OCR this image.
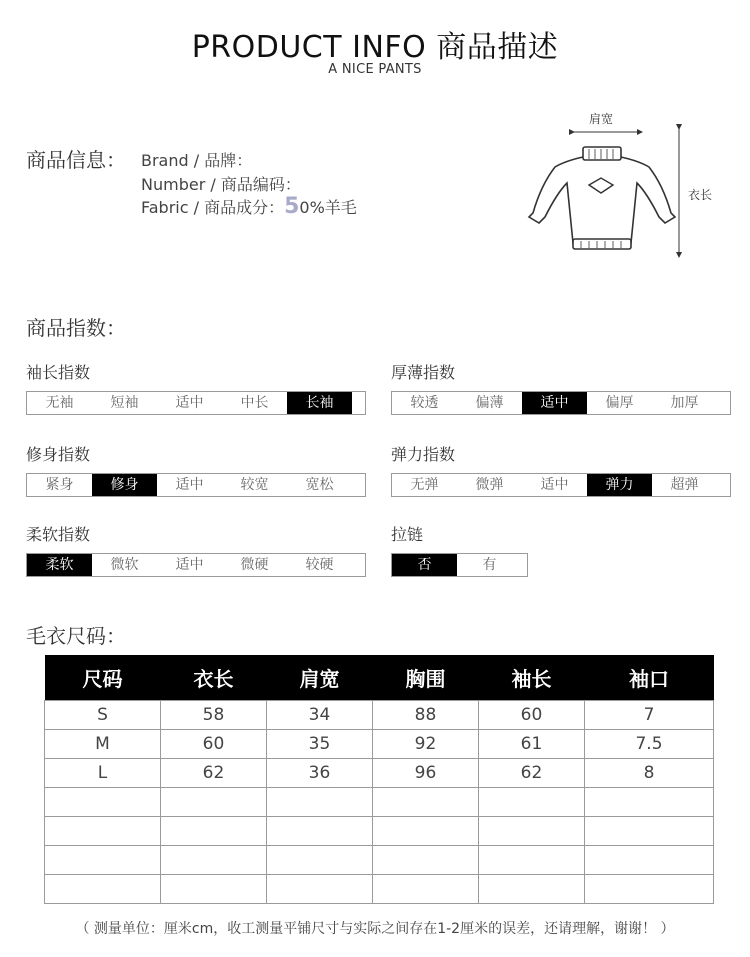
PRODUCT INFO 商品描述
A NICE PANTS
商品信息： Brand / 品牌：
Number / 商品编码：
Fabric / 商品成分：50%羊毛
肩宽
衣长
商品指数：
袖长指数
无袖	短袖	适中	中长	长袖
厚薄指数
较透	偏薄	适中	偏厚	加厚
修身指数
紧身	修身	适中	较宽	宽松
弹力指数
无弹	微弹	适中	弹力	超弹
柔软指数
柔软	微软	适中	微硬	较硬
拉链
否	有
毛衣尺码：
尺码	衣长	肩宽	胸围	袖长	袖口
S	58	34	88	60	7
M	60	35	92	61	7.5
L	62	36	96	62	8

（ 测量单位：厘米cm，收工测量平铺尺寸与实际之间存在1-2厘米的误差，还请理解，谢谢！ ）
